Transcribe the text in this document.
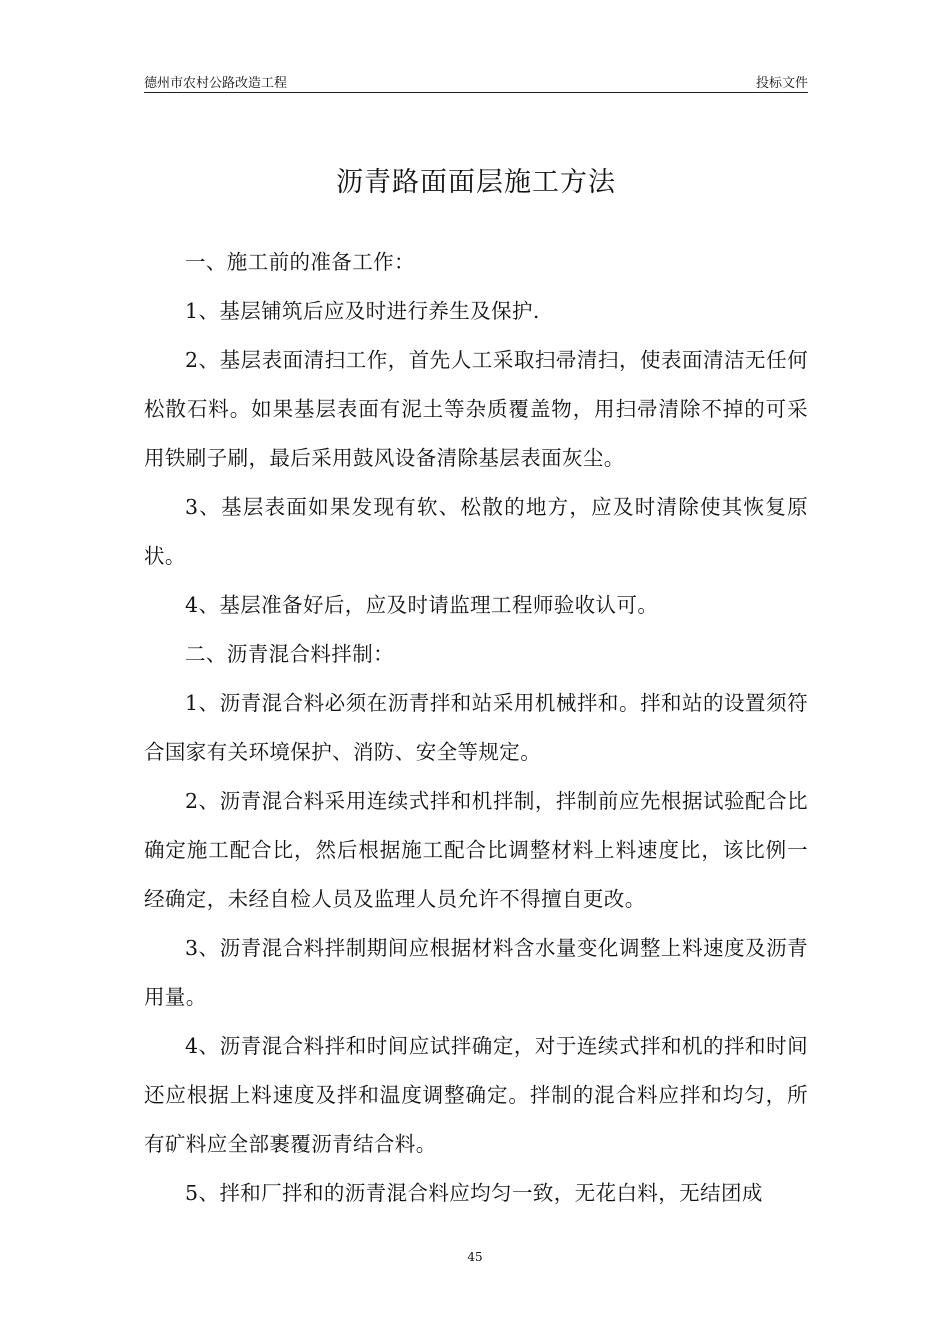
德州市农村公路改造工程	投标文件
沥青路面面层施工方法

一、施工前的准备工作：

1、基层铺筑后应及时进行养生及保护.

2、基层表面清扫工作，首先人工采取扫帚清扫，使表面清洁无任何松散石料。如果基层表面有泥土等杂质覆盖物，用扫帚清除不掉的可采用铁刷子刷，最后采用鼓风设备清除基层表面灰尘。

3、基层表面如果发现有软、松散的地方，应及时清除使其恢复原状。

4、基层准备好后，应及时请监理工程师验收认可。

二、沥青混合料拌制：

1、沥青混合料必须在沥青拌和站采用机械拌和。拌和站的设置须符合国家有关环境保护、消防、安全等规定。

2、沥青混合料采用连续式拌和机拌制，拌制前应先根据试验配合比确定施工配合比，然后根据施工配合比调整材料上料速度比，该比例一经确定，未经自检人员及监理人员允许不得擅自更改。

3、沥青混合料拌制期间应根据材料含水量变化调整上料速度及沥青用量。

4、沥青混合料拌和时间应试拌确定，对于连续式拌和机的拌和时间还应根据上料速度及拌和温度调整确定。拌制的混合料应拌和均匀，所有矿料应全部裹覆沥青结合料。

5、拌和厂拌和的沥青混合料应均匀一致，无花白料，无结团成

45
